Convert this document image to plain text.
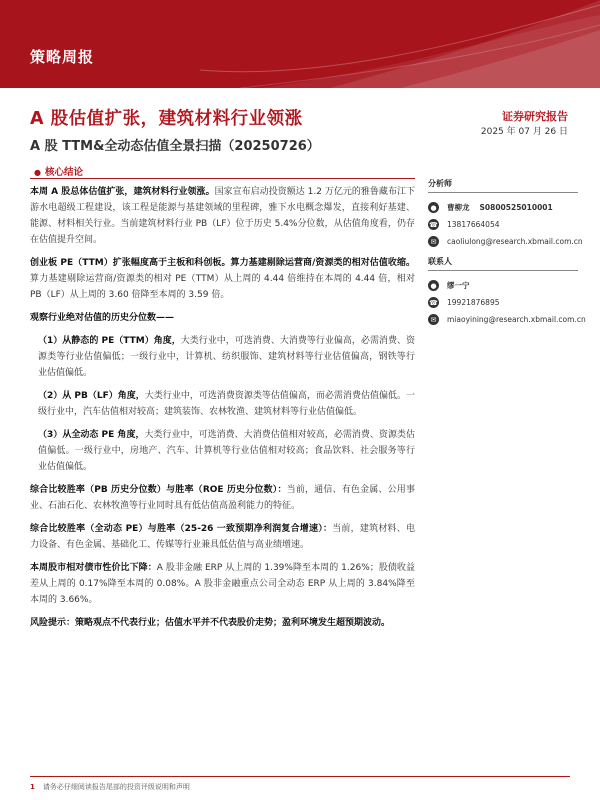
策略周报
A 股估值扩张，建筑材料行业领涨
A 股 TTM&全动态估值全景扫描（20250726）
证券研究报告
2025 年 07 月 26 日
● 核心结论

本周 A 股总体估值扩张，建筑材料行业领涨。国家宣布启动投资额达 1.2 万亿元的雅鲁藏布江下游水电超级工程建设，该工程是能源与基建领域的里程碑，雅下水电概念爆发，直接利好基建、能源、材料相关行业。当前建筑材料行业 PB（LF）位于历史 5.4%分位数，从估值角度看，仍存在估值提升空间。

创业板 PE（TTM）扩张幅度高于主板和科创板。算力基建剔除运营商/资源类的相对估值收缩。算力基建剔除运营商/资源类的相对 PE（TTM）从上周的 4.44 倍维持在本周的 4.44 倍，相对 PB（LF）从上周的 3.60 倍降至本周的 3.59 倍。

观察行业绝对估值的历史分位数——

（1）从静态的 PE（TTM）角度，大类行业中，可选消费、大消费等行业偏高，必需消费、资源类等行业估值偏低；一级行业中，计算机、纺织服饰、建筑材料等行业估值偏高，钢铁等行业估值偏低。

（2）从 PB（LF）角度，大类行业中，可选消费资源类等估值偏高，而必需消费估值偏低。一级行业中，汽车估值相对较高；建筑装饰、农林牧渔、建筑材料等行业估值偏低。

（3）从全动态 PE 角度，大类行业中，可选消费、大消费估值相对较高，必需消费、资源类估值偏低。一级行业中，房地产、汽车、计算机等行业估值相对较高；食品饮料、社会服务等行业估值偏低。

综合比较胜率（PB 历史分位数）与胜率（ROE 历史分位数）：当前，通信、有色金属、公用事业、石油石化、农林牧渔等行业同时具有低估值高盈利能力的特征。

综合比较胜率（全动态 PE）与胜率（25-26 一致预期净利润复合增速）：当前，建筑材料、电力设备、有色金属、基础化工、传媒等行业兼具低估值与高业绩增速。

本周股市相对债市性价比下降：A 股非金融 ERP 从上周的 1.39%降至本周的 1.26%；股债收益差从上周的 0.17%降至本周的 0.08%。A 股非金融重点公司全动态 ERP 从上周的 3.84%降至本周的 3.66%。

风险提示：策略观点不代表行业；估值水平并不代表股价走势；盈利环境发生超预期波动。

分析师
●	曹柳龙 S0800525010001
☎ 13817664054
✉	caoliulong@research.xbmail.com.cn
联系人
●	缪一宁
☎ 19921876895
✉	miaoyining@research.xbmail.com.cn
1 请务必仔细阅读报告尾部的投资评级说明和声明
